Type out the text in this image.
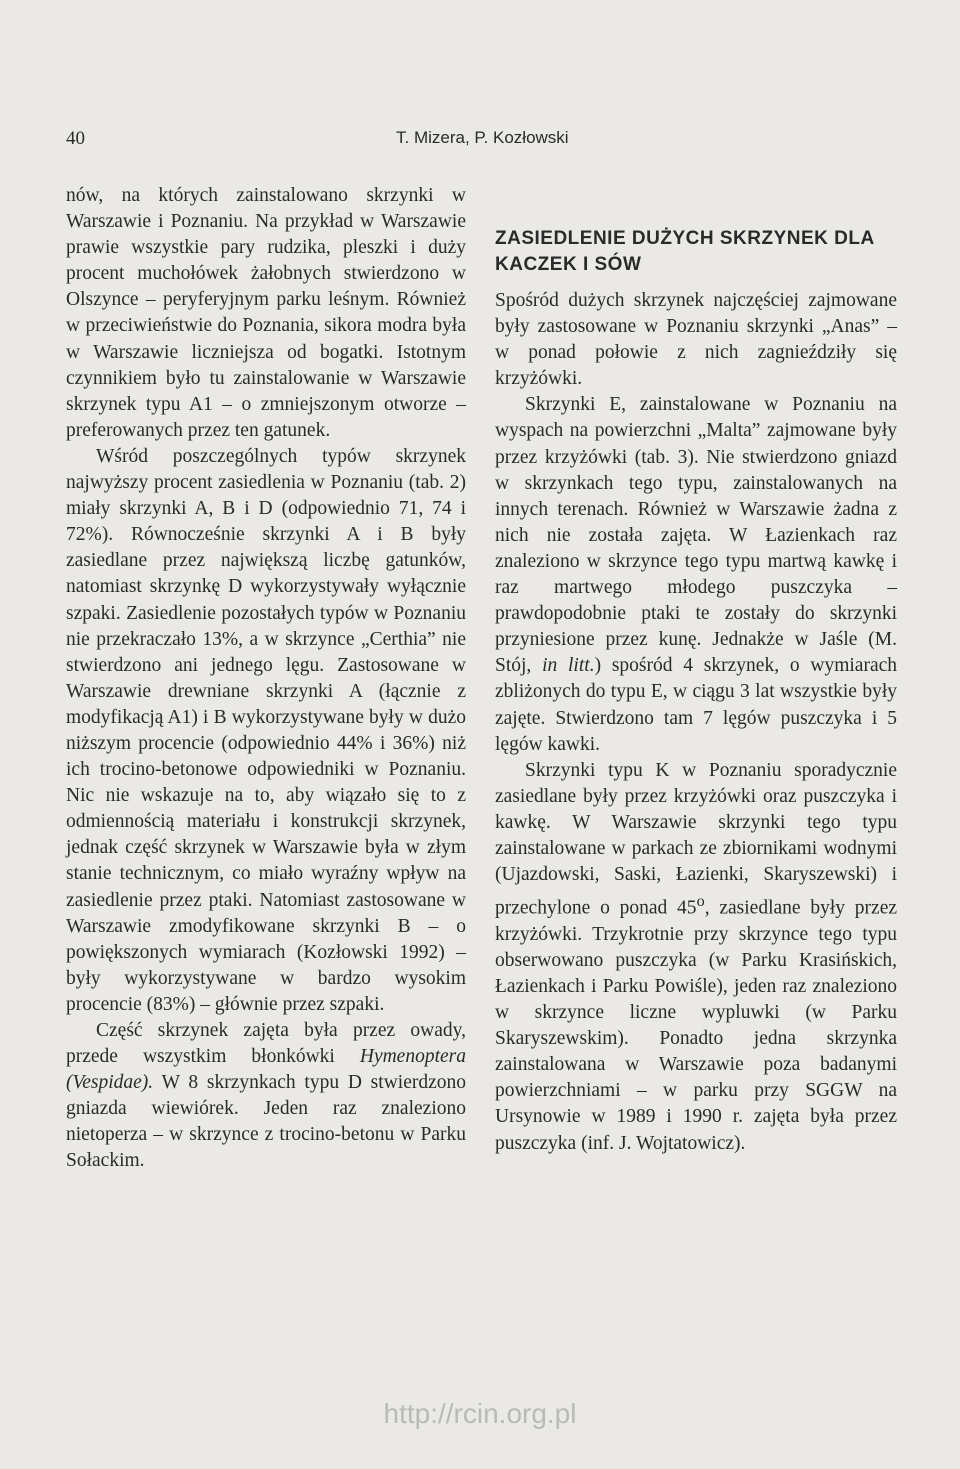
40	T. Mizera, P. Kozłowski

nów, na których zainstalowano skrzynki w Warszawie i Poznaniu. Na przykład w Warszawie prawie wszystkie pary rudzika, pleszki i duży procent muchołówek żałobnych stwierdzono w Olszynce – peryferyjnym parku leśnym. Również w przeciwieństwie do Poznania, sikora modra była w Warszawie liczniejsza od bogatki. Istotnym czynnikiem było tu zainstalowanie w Warszawie skrzynek typu A1 – o zmniejszonym otworze – preferowanych przez ten gatunek.

Wśród poszczególnych typów skrzynek najwyższy procent zasiedlenia w Poznaniu (tab. 2) miały skrzynki A, B i D (odpowiednio 71, 74 i 72%). Równocześnie skrzynki A i B były zasiedlane przez największą liczbę gatunków, natomiast skrzynkę D wykorzystywały wyłącznie szpaki. Zasiedlenie pozostałych typów w Poznaniu nie przekraczało 13%, a w skrzynce „Certhia” nie stwierdzono ani jednego lęgu. Zastosowane w Warszawie drewniane skrzynki A (łącznie z modyfikacją A1) i B wykorzystywane były w dużo niższym procencie (odpowiednio 44% i 36%) niż ich trocino-betonowe odpowiedniki w Poznaniu. Nic nie wskazuje na to, aby wiązało się to z odmiennością materiału i konstrukcji skrzynek, jednak część skrzynek w Warszawie była w złym stanie technicznym, co miało wyraźny wpływ na zasiedlenie przez ptaki. Natomiast zastosowane w Warszawie zmodyfikowane skrzynki B – o powiększonych wymiarach (Kozłowski 1992) – były wykorzystywane w bardzo wysokim procencie (83%) – głównie przez szpaki.

Część skrzynek zajęta była przez owady, przede wszystkim błonkówki Hymenoptera (Vespidae). W 8 skrzynkach typu D stwierdzono gniazda wiewiórek. Jeden raz znaleziono nietoperza – w skrzynce z trocino-betonu w Parku Sołackim.

ZASIEDLENIE DUŻYCH SKRZYNEK DLA KACZEK I SÓW

Spośród dużych skrzynek najczęściej zajmowane były zastosowane w Poznaniu skrzynki „Anas” – w ponad połowie z nich zagnieździły się krzyżówki.

Skrzynki E, zainstalowane w Poznaniu na wyspach na powierzchni „Malta” zajmowane były przez krzyżówki (tab. 3). Nie stwierdzono gniazd w skrzynkach tego typu, zainstalowanych na innych terenach. Również w Warszawie żadna z nich nie została zajęta. W Łazienkach raz znaleziono w skrzynce tego typu martwą kawkę i raz martwego młodego puszczyka – prawdopodobnie ptaki te zostały do skrzynki przyniesione przez kunę. Jednakże w Jaśle (M. Stój, in litt.) spośród 4 skrzynek, o wymiarach zbliżonych do typu E, w ciągu 3 lat wszystkie były zajęte. Stwierdzono tam 7 lęgów puszczyka i 5 lęgów kawki.

Skrzynki typu K w Poznaniu sporadycznie zasiedlane były przez krzyżówki oraz puszczyka i kawkę. W Warszawie skrzynki tego typu zainstalowane w parkach ze zbiornikami wodnymi (Ujazdowski, Saski, Łazienki, Skaryszewski) i przechylone o ponad 45$^o$, zasiedlane były przez krzyżówki. Trzykrotnie przy skrzynce tego typu obserwowano puszczyka (w Parku Krasińskich, Łazienkach i Parku Powiśle), jeden raz znaleziono w skrzynce liczne wypluwki (w Parku Skaryszewskim). Ponadto jedna skrzynka zainstalowana w Warszawie poza badanymi powierzchniami – w parku przy SGGW na Ursynowie w 1989 i 1990 r. zajęta była przez puszczyka (inf. J. Wojtatowicz).

http://rcin.org.pl
